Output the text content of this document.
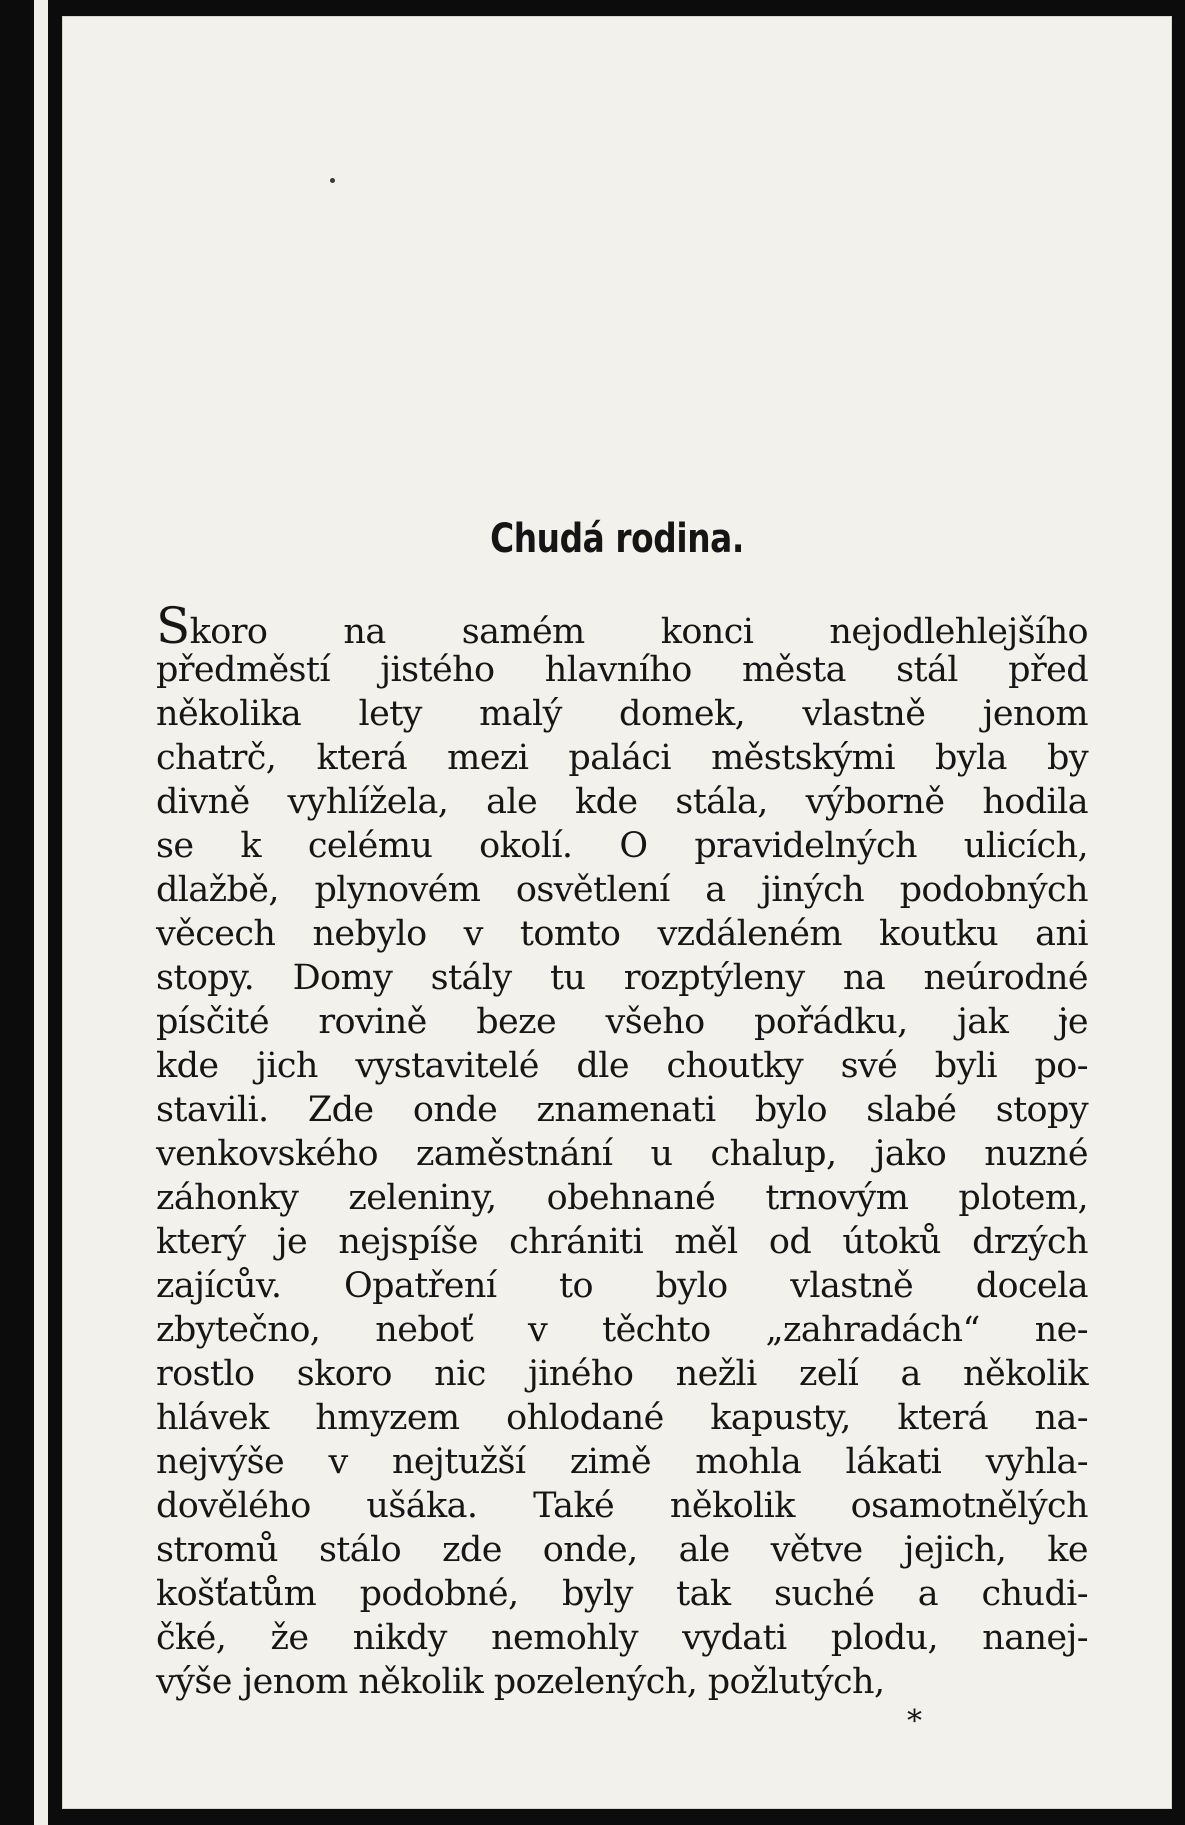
Chudá rodina.
Skoro na samém konci nejodlehlejšího
předměstí jistého hlavního města stál před
několika lety malý domek, vlastně jenom
chatrč, která mezi paláci městskými byla by
divně vyhlížela, ale kde stála, výborně hodila
se k celému okolí. O pravidelných ulicích,
dlažbě, plynovém osvětlení a jiných podobných
věcech nebylo v tomto vzdáleném koutku ani
stopy. Domy stály tu rozptýleny na neúrodné
písčité rovině beze všeho pořádku, jak je
kde jich vystavitelé dle choutky své byli po-
stavili. Zde onde znamenati bylo slabé stopy
venkovského zaměstnání u chalup, jako nuzné
záhonky zeleniny, obehnané trnovým plotem,
který je nejspíše chrániti měl od útoků drzých
zajícův. Opatření to bylo vlastně docela
zbytečno, neboť v těchto „zahradách“ ne-
rostlo skoro nic jiného nežli zelí a několik
hlávek hmyzem ohlodané kapusty, která na-
nejvýše v nejtužší zimě mohla lákati vyhla-
dovělého ušáka. Také několik osamotnělých
stromů stálo zde onde, ale větve jejich, ke
košťatům podobné, byly tak suché a chudi-
čké, že nikdy nemohly vydati plodu, nanej-
výše jenom několik pozelených, požlutých,
*
